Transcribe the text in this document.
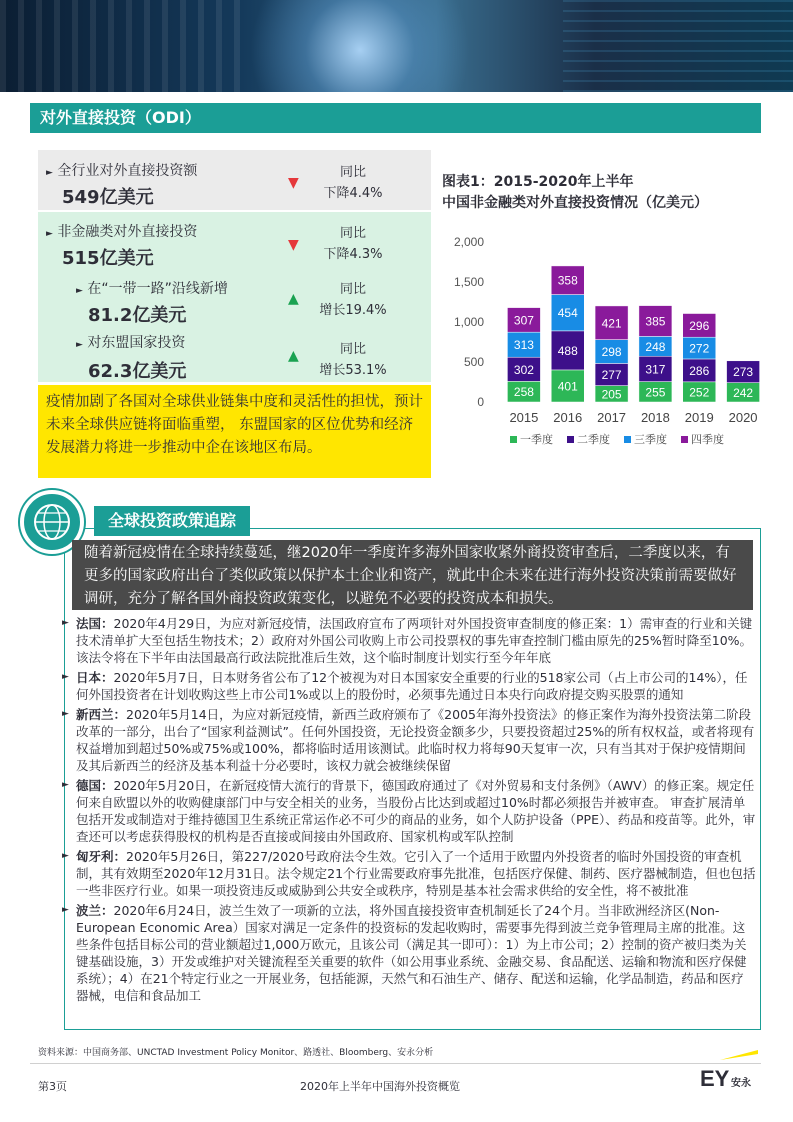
对外直接投资（ODI）
► 全行业对外直接投资额
549亿美元
▼
同比
下降4.4%
► 非金融类对外直接投资
515亿美元
▼
同比
下降4.3%
► 在“一带一路”沿线新增
81.2亿美元
▲
同比
增长19.4%
► 对东盟国家投资
62.3亿美元
▲	同比
增长53.1%
疫情加剧了各国对全球供业链集中度和灵活性的担忧，预计未来全球供应链将面临重塑， 东盟国家的区位优势和经济发展潜力将进一步推动中企在该地区布局。
图表1：2015-2020年上半年
中国非金融类对外直接投资情况（亿美元）
0
500
1,000
1,500
2,000
258
302
313
307
2015
401
488
454
358
2016
205
277
298
421
2017
255
317
248
385
2018
252
286
272
296
2019
242
273
2020
一季度 二季度 三季度 四季度
全球投资政策追踪
随着新冠疫情在全球持续蔓延，继2020年一季度许多海外国家收紧外商投资审查后，二季度以来，有更多的国家政府出台了类似政策以保护本土企业和资产，就此中企未来在进行海外投资决策前需要做好调研，充分了解各国外商投资政策变化，以避免不必要的投资成本和损失。
► 法国：2020年4月29日，为应对新冠疫情，法国政府宣布了两项针对外国投资审查制度的修正案：1）需审查的行业和关键技术清单扩大至包括生物技术；2）政府对外国公司收购上市公司投票权的事先审查控制门槛由原先的25%暂时降至10%。该法令将在下半年由法国最高行政法院批准后生效，这个临时制度计划实行至今年年底
► 日本：2020年5月7日，日本财务省公布了12个被视为对日本国家安全重要的行业的518家公司（占上市公司的14%），任何外国投资者在计划收购这些上市公司1%或以上的股份时，必须事先通过日本央行向政府提交购买股票的通知
► 新西兰：2020年5月14日，为应对新冠疫情，新西兰政府颁布了《2005年海外投资法》的修正案作为海外投资法第二阶段改革的一部分，出台了“国家利益测试”。任何外国投资，无论投资金额多少，只要投资超过25%的所有权权益，或者将现有权益增加到超过50%或75%或100%，都将临时适用该测试。此临时权力将每90天复审一次，只有当其对于保护疫情期间及其后新西兰的经济及基本利益十分必要时，该权力就会被继续保留
► 德国：2020年5月20日，在新冠疫情大流行的背景下，德国政府通过了《对外贸易和支付条例》（AWV）的修正案。规定任何来自欧盟以外的收购健康部门中与安全相关的业务，当股份占比达到或超过10%时都必须报告并被审查。 审查扩展清单包括开发或制造对于维持德国卫生系统正常运作必不可少的商品的业务，如个人防护设备（PPE）、药品和疫苗等。此外，审查还可以考虑获得股权的机构是否直接或间接由外国政府、国家机构或军队控制
► 匈牙利：2020年5月26日，第227/2020号政府法令生效。它引入了一个适用于欧盟内外投资者的临时外国投资的审查机制，其有效期至2020年12月31日。法令规定21个行业需要政府事先批准，包括医疗保健、制药、医疗器械制造，但也包括一些非医疗行业。如果一项投资违反或威胁到公共安全或秩序，特别是基本社会需求供给的安全性，将不被批准
► 波兰：2020年6月24日，波兰生效了一项新的立法，将外国直接投资审查机制延长了24个月。当非欧洲经济区(Non-European Economic Area）国家对满足一定条件的投资标的发起收购时，需要事先得到波兰竞争管理局主席的批准。这些条件包括目标公司的营业额超过1,000万欧元，且该公司（满足其一即可）：1）为上市公司；2）控制的资产被归类为关键基础设施，3）开发或维护对关键流程至关重要的软件（如公用事业系统、金融交易、食品配送、运输和物流和医疗保健系统）；4）在21个特定行业之一开展业务，包括能源，天然气和石油生产、储存、配送和运输，化学品制造，药品和医疗器械，电信和食品加工
资料来源：中国商务部、UNCTAD Investment Policy Monitor、路透社、Bloomberg、安永分析
第3页	2020年上半年中国海外投资概览	EY 安永
